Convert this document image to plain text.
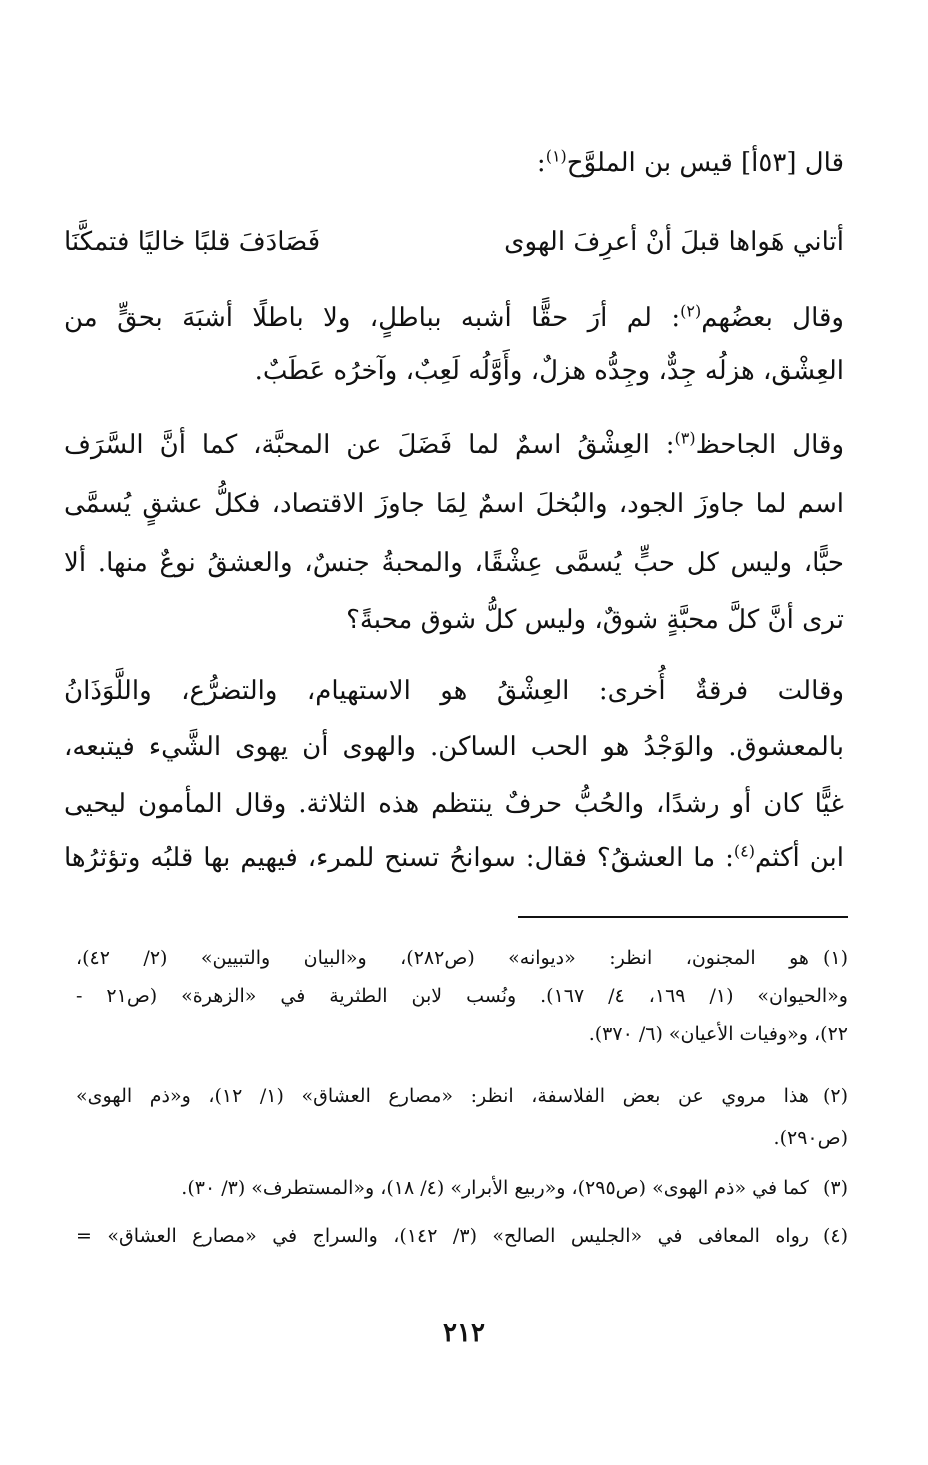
قال [٥٣أ] قيس بن الملوَّح$^{(١)}$:
أتاني هَواها قبلَ أنْ أعرِفَ الهوى
فَصَادَفَ قلبًا خاليًا فتمكَّنَا
وقال بعضُهم$^{(٢)}$: لم أرَ حقًّا أشبه بباطلٍ، ولا باطلًا أشبَهَ بحقٍّ من
العِشْق، هزلُه جِدٌّ، وجِدُّه هزلٌ، وأَوَّلُه لَعِبٌ، وآخرُه عَطَبٌ.
وقال الجاحظ$^{(٣)}$: العِشْقُ اسمٌ لما فَضَلَ عن المحبَّة، كما أنَّ السَّرَف
اسم لما جاوزَ الجود، والبُخلَ اسمٌ لِمَا جاوزَ الاقتصاد، فكلُّ عشقٍ يُسمَّى
حبًّا، وليس كل حبٍّ يُسمَّى عِشْقًا، والمحبةُ جنسٌ، والعشقُ نوعٌ منها. ألا
ترى أنَّ كلَّ محبَّةٍ شوقٌ، وليس كلُّ شوق محبةً؟
وقالت فرقةٌ أُخرى: العِشْقُ هو الاستهيام، والتضرُّع، واللَّوَذَانُ
بالمعشوق. والوَجْدُ هو الحب الساكن. والهوى أن يهوى الشَّيء فيتبعه،
غيًّا كان أو رشدًا، والحُبُّ حرفٌ ينتظم هذه الثلاثة. وقال المأمون ليحيى
ابن أكثم$^{(٤)}$: ما العشقُ؟ فقال: سوانحُ تسنح للمرء، فيهيم بها قلبُه وتؤثرُها
(١)هو المجنون، انظر: «ديوانه» (ص٢٨٢)، و«البيان والتبيين» (٢/ ٤٢)،
و«الحيوان» (١/ ١٦٩، ٤/ ١٦٧). ونُسب لابن الطثرية في «الزهرة» (ص٢١ -
٢٢)، و«وفيات الأعيان» (٦/ ٣٧٠).
(٢)هذا مروي عن بعض الفلاسفة، انظر: «مصارع العشاق» (١/ ١٢)، و«ذم الهوى»
(ص٢٩٠).
(٣)كما في «ذم الهوى» (ص٢٩٥)، و«ربيع الأبرار» (٤/ ١٨)، و«المستطرف» (٣/ ٣٠).
(٤)رواه المعافى في «الجليس الصالح» (٣/ ١٤٢)، والسراج في «مصارع العشاق» =
٢١٢
